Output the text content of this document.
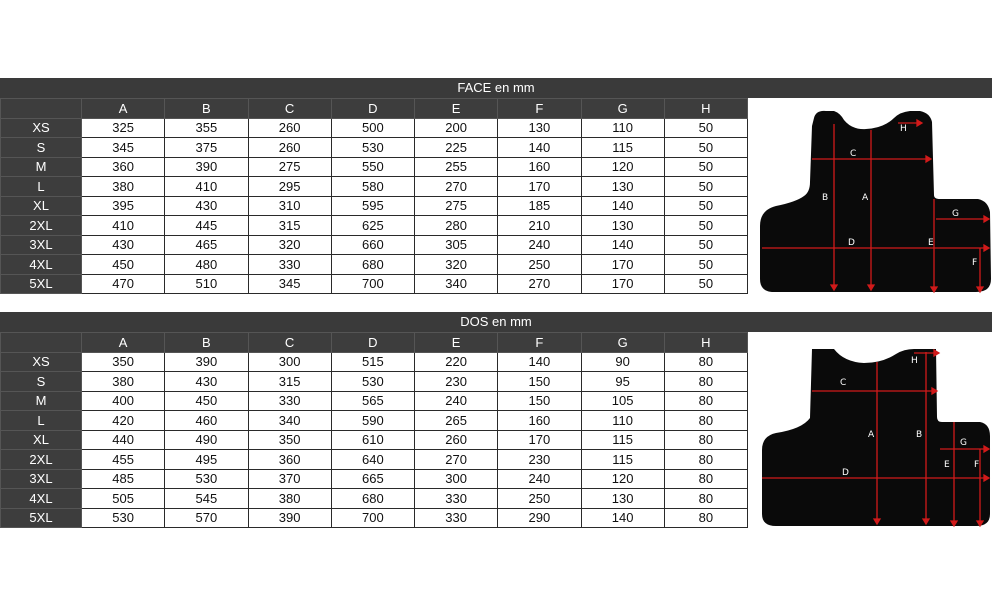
FACE en mm
	A	B	C	D	E	F	G	H
XS	325	355	260	500	200	130	110	50
S	345	375	260	530	225	140	115	50
M	360	390	275	550	255	160	120	50
L	380	410	295	580	270	170	130	50
XL	395	430	310	595	275	185	140	50
2XL	410	445	315	625	280	210	130	50
3XL	430	465	320	660	305	240	140	50
4XL	450	480	330	680	320	250	170	50
5XL	470	510	345	700	340	270	170	50
B	A
C
D	E
G
F
H
DOS en mm
	A	B	C	D	E	F	G	H
XS	350	390	300	515	220	140	90	80
S	380	430	315	530	230	150	95	80
M	400	450	330	565	240	150	105	80
L	420	460	340	590	265	160	110	80
XL	440	490	350	610	260	170	115	80
2XL	455	495	360	640	270	230	115	80
3XL	485	530	370	665	300	240	120	80
4XL	505	545	380	680	330	250	130	80
5XL	530	570	390	700	330	290	140	80
A	B
C
D
E
G
F
H
